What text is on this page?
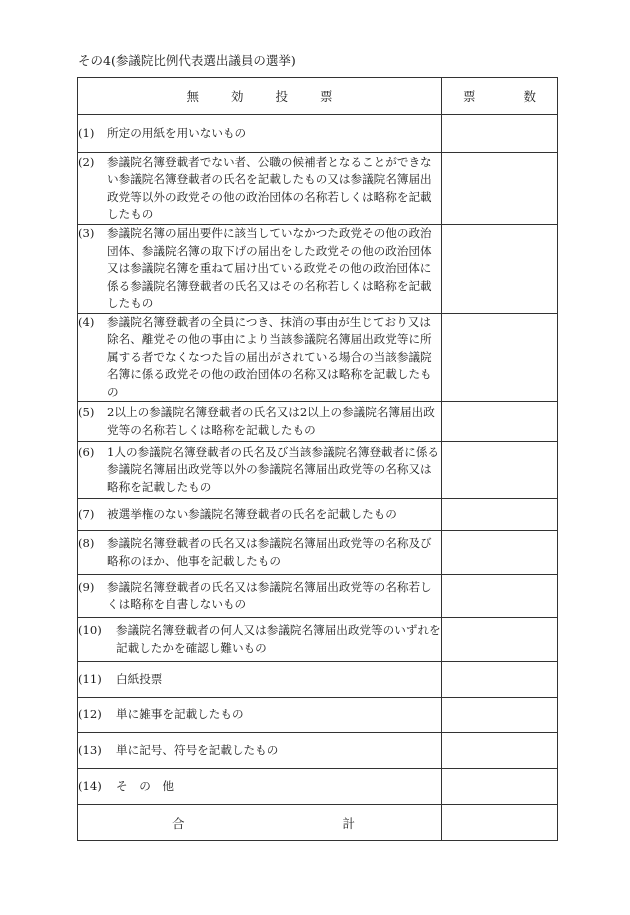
その4(参議院比例代表選出議員の選挙)
無 効 投 票	票 数

(1) 所定の用紙を用いないもの	

(2) 参議院名簿登載者でない者、公職の候補者となることができない参議院名簿登載者の氏名を記載したもの又は参議院名簿届出政党等以外の政党その他の政治団体の名称若しくは略称を記載したもの	

(3) 参議院名簿の届出要件に該当していなかつた政党その他の政治団体、参議院名簿の取下げの届出をした政党その他の政治団体又は参議院名簿を重ねて届け出ている政党その他の政治団体に係る参議院名簿登載者の氏名又はその名称若しくは略称を記載したもの	

(4) 参議院名簿登載者の全員につき、抹消の事由が生じており又は除名、離党その他の事由により当該参議院名簿届出政党等に所属する者でなくなつた旨の届出がされている場合の当該参議院名簿に係る政党その他の政治団体の名称又は略称を記載したもの	

(5) 2以上の参議院名簿登載者の氏名又は2以上の参議院名簿届出政党等の名称若しくは略称を記載したもの	

(6) 1人の参議院名簿登載者の氏名及び当該参議院名簿登載者に係る参議院名簿届出政党等以外の参議院名簿届出政党等の名称又は略称を記載したもの	

(7) 被選挙権のない参議院名簿登載者の氏名を記載したもの	

(8) 参議院名簿登載者の氏名又は参議院名簿届出政党等の名称及び略称のほか、他事を記載したもの	

(9) 参議院名簿登載者の氏名又は参議院名簿届出政党等の名称若しくは略称を自書しないもの	

(10) 参議院名簿登載者の何人又は参議院名簿届出政党等のいずれを記載したかを確認し難いもの	

(11) 白紙投票	

(12) 単に雑事を記載したもの	

(13) 単に記号、符号を記載したもの	

(14) そ　の　他	

合 計	
